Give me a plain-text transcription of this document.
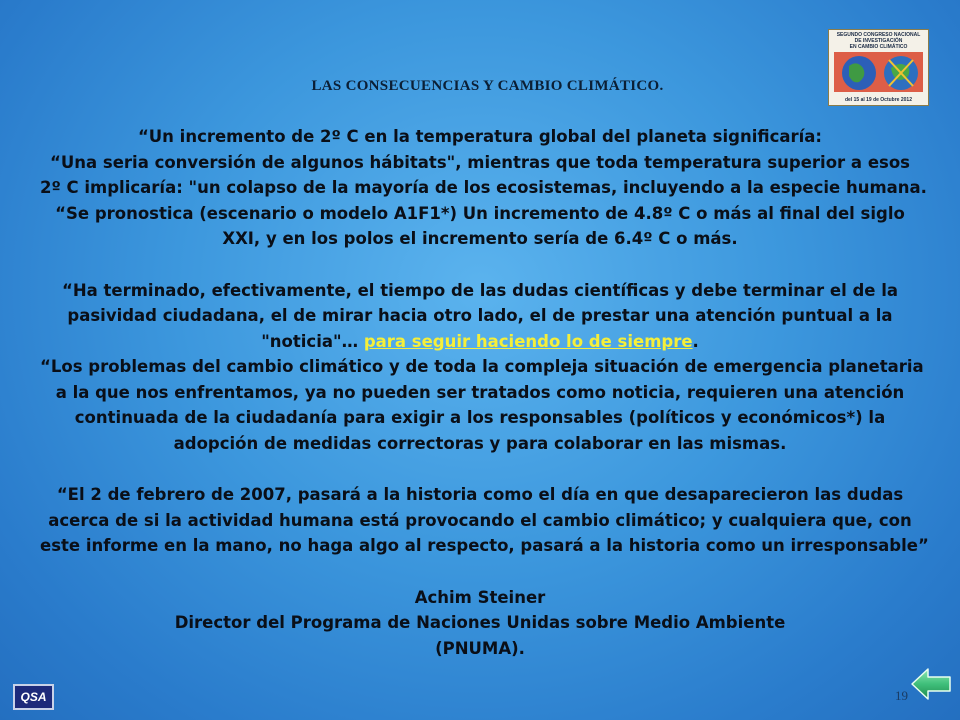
LAS CONSECUENCIAS Y CAMBIO CLIMÁTICO.
SEGUNDO CONGRESO NACIONAL
DE INVESTIGACIÓN
EN CAMBIO CLIMÁTICO
del 15 al 19 de Octubre 2012
“Un incremento de 2º C en la temperatura global del planeta significaría:
“Una seria conversión de algunos hábitats", mientras que toda temperatura superior a esos
2º C implicaría: "un colapso de la mayoría de los ecosistemas, incluyendo a la especie humana.
“Se pronostica (escenario o modelo A1F1*) Un incremento de 4.8º C o más al final del siglo
XXI, y en los polos el incremento sería de 6.4º C o más.
“Ha terminado, efectivamente, el tiempo de las dudas científicas y debe terminar el de la
pasividad ciudadana, el de mirar hacia otro lado, el de prestar una atención puntual a la
"noticia"… para seguir haciendo lo de siempre.
“Los problemas del cambio climático y de toda la compleja situación de emergencia planetaria
a la que nos enfrentamos, ya no pueden ser tratados como noticia, requieren una atención
continuada de la ciudadanía para exigir a los responsables (políticos y económicos*) la
adopción de medidas correctoras y para colaborar en las mismas.
“El 2 de febrero de 2007, pasará a la historia como el día en que desaparecieron las dudas
acerca de si la actividad humana está provocando el cambio climático; y cualquiera que, con
este informe en la mano, no haga algo al respecto, pasará a la historia como un irresponsable”
Achim Steiner
Director del Programa de Naciones Unidas sobre Medio Ambiente
(PNUMA).
QSA	19
